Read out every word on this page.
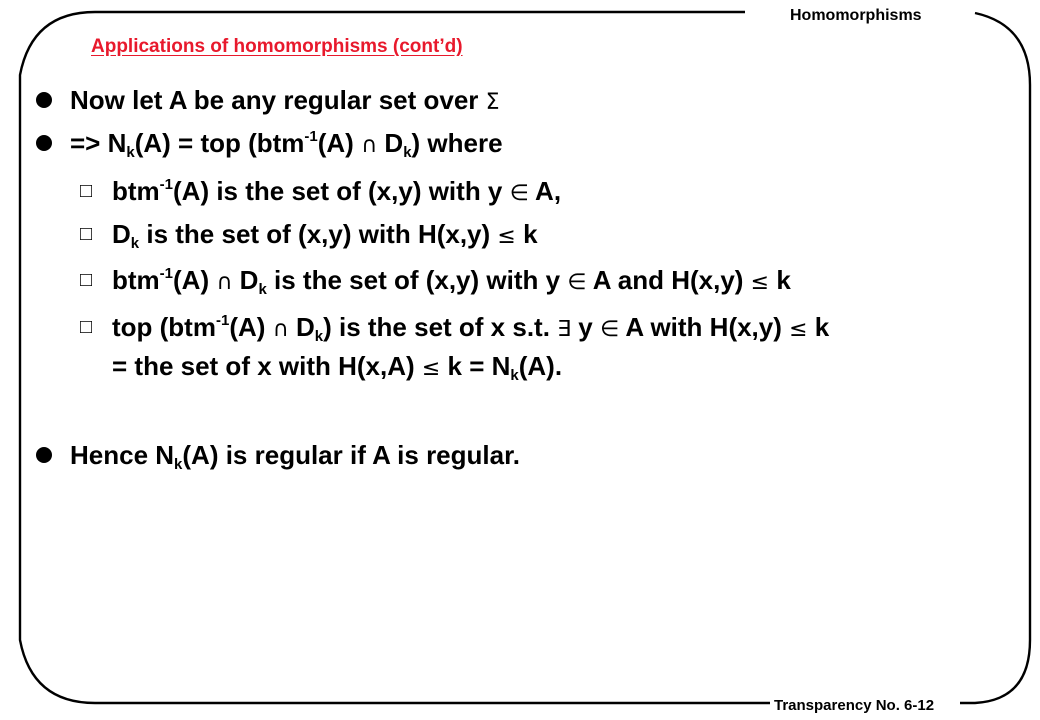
Homomorphisms
Transparency No. 6-12
Applications of homomorphisms (cont’d)
Now let A be any regular set over Σ
=> $N_k(A)$ = top (btm$^{-1}$(A) ∩ $D_k$) where
□ btm$^{-1}$(A) is the set of (x,y) with y ∈ A,
□ $D_k$ is the set of (x,y) with H(x,y) ≤ k
□ btm$^{-1}$(A) ∩ $D_k$ is the set of (x,y) with y ∈ A and H(x,y) ≤ k
□ top (btm$^{-1}$(A) ∩ $D_k$) is the set of x s.t. ∃ y ∈ A with H(x,y) ≤ k
= the set of x with $H(x,A) \le k = N_k(A)$.
Hence $N_k(A)$ is regular if A is regular.
